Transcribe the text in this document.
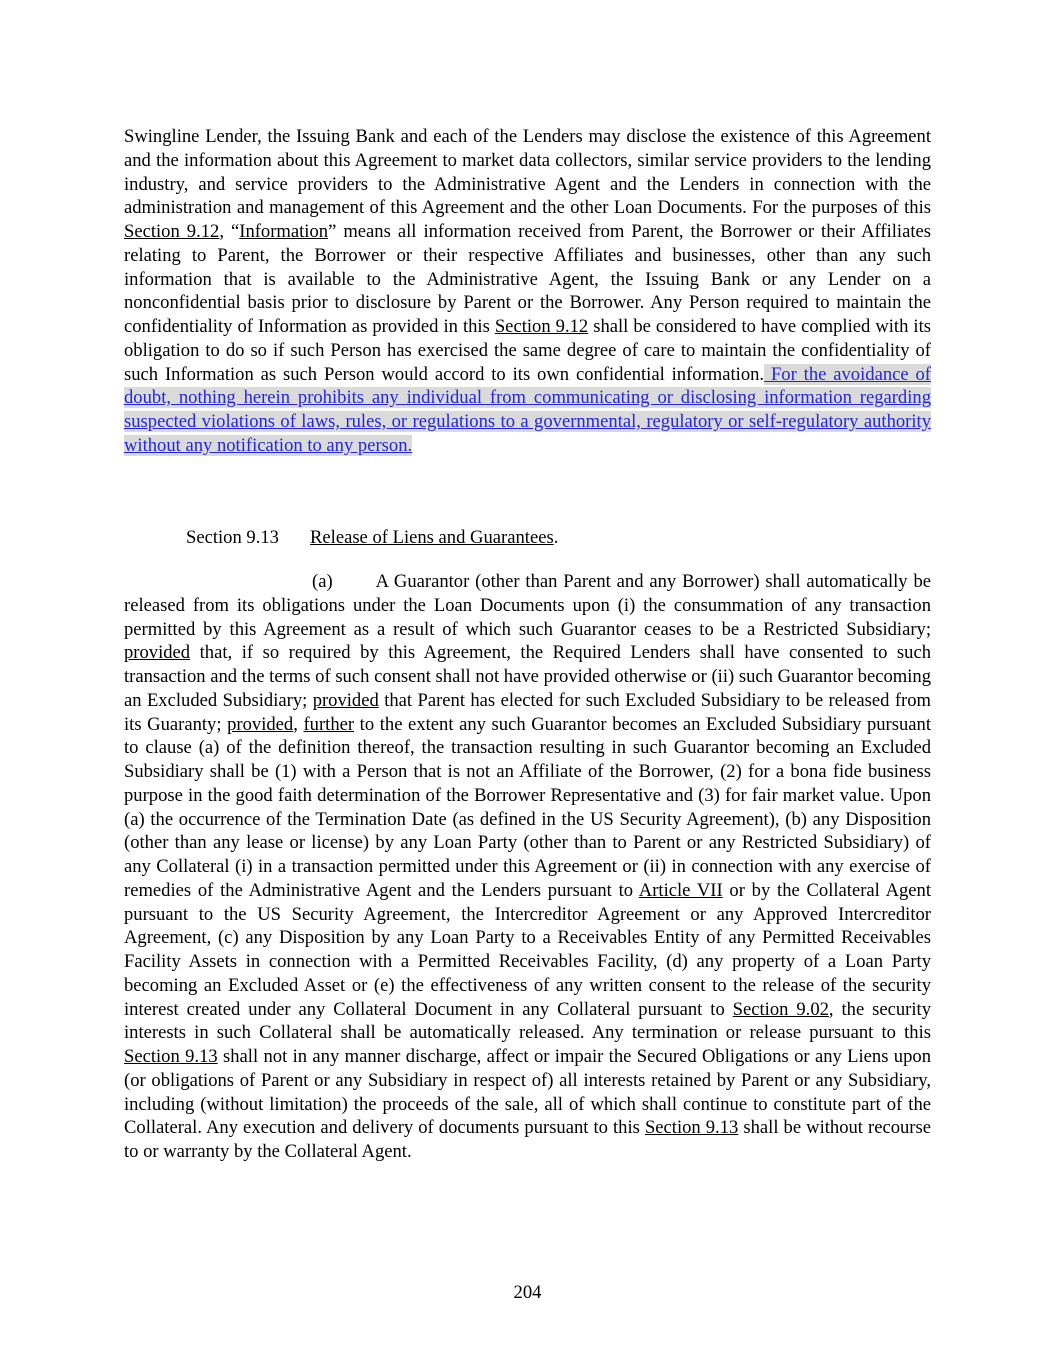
Swingline Lender, the Issuing Bank and each of the Lenders may disclose the existence of this Agreement and the information about this Agreement to market data collectors, similar service providers to the lending industry, and service providers to the Administrative Agent and the Lenders in connection with the administration and management of this Agreement and the other Loan Documents. For the purposes of this Section 9.12, “Information” means all information received from Parent, the Borrower or their Affiliates relating to Parent, the Borrower or their respective Affiliates and businesses, other than any such information that is available to the Administrative Agent, the Issuing Bank or any Lender on a nonconfidential basis prior to disclosure by Parent or the Borrower. Any Person required to maintain the confidentiality of Information as provided in this Section 9.12 shall be considered to have complied with its obligation to do so if such Person has exercised the same degree of care to maintain the confidentiality of such Information as such Person would accord to its own confidential information. For the avoidance of doubt, nothing herein prohibits any individual from communicating or disclosing information regarding suspected violations of laws, rules, or regulations to a governmental, regulatory or self-regulatory authority without any notification to any person.

Section 9.13 Release of Liens and Guarantees.

(a) A Guarantor (other than Parent and any Borrower) shall automatically be released from its obligations under the Loan Documents upon (i) the consummation of any transaction permitted by this Agreement as a result of which such Guarantor ceases to be a Restricted Subsidiary; provided that, if so required by this Agreement, the Required Lenders shall have consented to such transaction and the terms of such consent shall not have provided otherwise or (ii) such Guarantor becoming an Excluded Subsidiary; provided that Parent has elected for such Excluded Subsidiary to be released from its Guaranty; provided, further to the extent any such Guarantor becomes an Excluded Subsidiary pursuant to clause (a) of the definition thereof, the transaction resulting in such Guarantor becoming an Excluded Subsidiary shall be (1) with a Person that is not an Affiliate of the Borrower, (2) for a bona fide business purpose in the good faith determination of the Borrower Representative and (3) for fair market value. Upon (a) the occurrence of the Termination Date (as defined in the US Security Agreement), (b) any Disposition (other than any lease or license) by any Loan Party (other than to Parent or any Restricted Subsidiary) of any Collateral (i) in a transaction permitted under this Agreement or (ii) in connection with any exercise of remedies of the Administrative Agent and the Lenders pursuant to Article VII or by the Collateral Agent pursuant to the US Security Agreement, the Intercreditor Agreement or any Approved Intercreditor Agreement, (c) any Disposition by any Loan Party to a Receivables Entity of any Permitted Receivables Facility Assets in connection with a Permitted Receivables Facility, (d) any property of a Loan Party becoming an Excluded Asset or (e) the effectiveness of any written consent to the release of the security interest created under any Collateral Document in any Collateral pursuant to Section 9.02, the security interests in such Collateral shall be automatically released. Any termination or release pursuant to this Section 9.13 shall not in any manner discharge, affect or impair the Secured Obligations or any Liens upon (or obligations of Parent or any Subsidiary in respect of) all interests retained by Parent or any Subsidiary, including (without limitation) the proceeds of the sale, all of which shall continue to constitute part of the Collateral. Any execution and delivery of documents pursuant to this Section 9.13 shall be without recourse to or warranty by the Collateral Agent.

204
